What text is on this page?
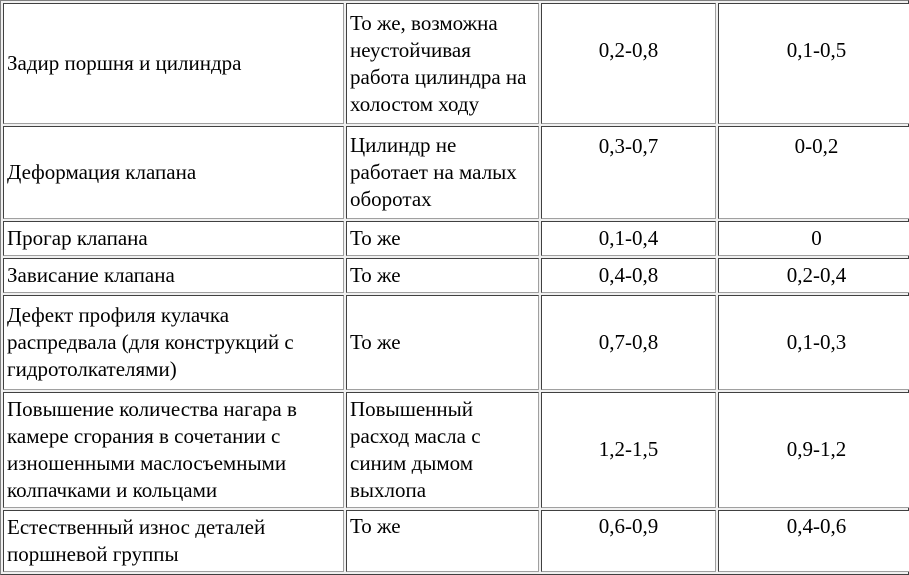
Задир поршня и цилиндра	То же, возможна неустойчивая работа цилиндра на холостом ходу	0,2-0,8	0,1-0,5
Деформация клапана	Цилиндр не работает на малых оборотах	0,3-0,7	0-0,2
Прогар клапана	То же	0,1-0,4	0
Зависание клапана	То же	0,4-0,8	0,2-0,4
Дефект профиля кулачка распредвала (для конструкций с гидротолкателями)	То же	0,7-0,8	0,1-0,3
Повышение количества нагара в камере сгорания в сочетании с изношенными маслосъемными колпачками и кольцами	Повышенный расход масла с синим дымом выхлопа	1,2-1,5	0,9-1,2
Естественный износ деталей поршневой группы	То же	0,6-0,9	0,4-0,6
